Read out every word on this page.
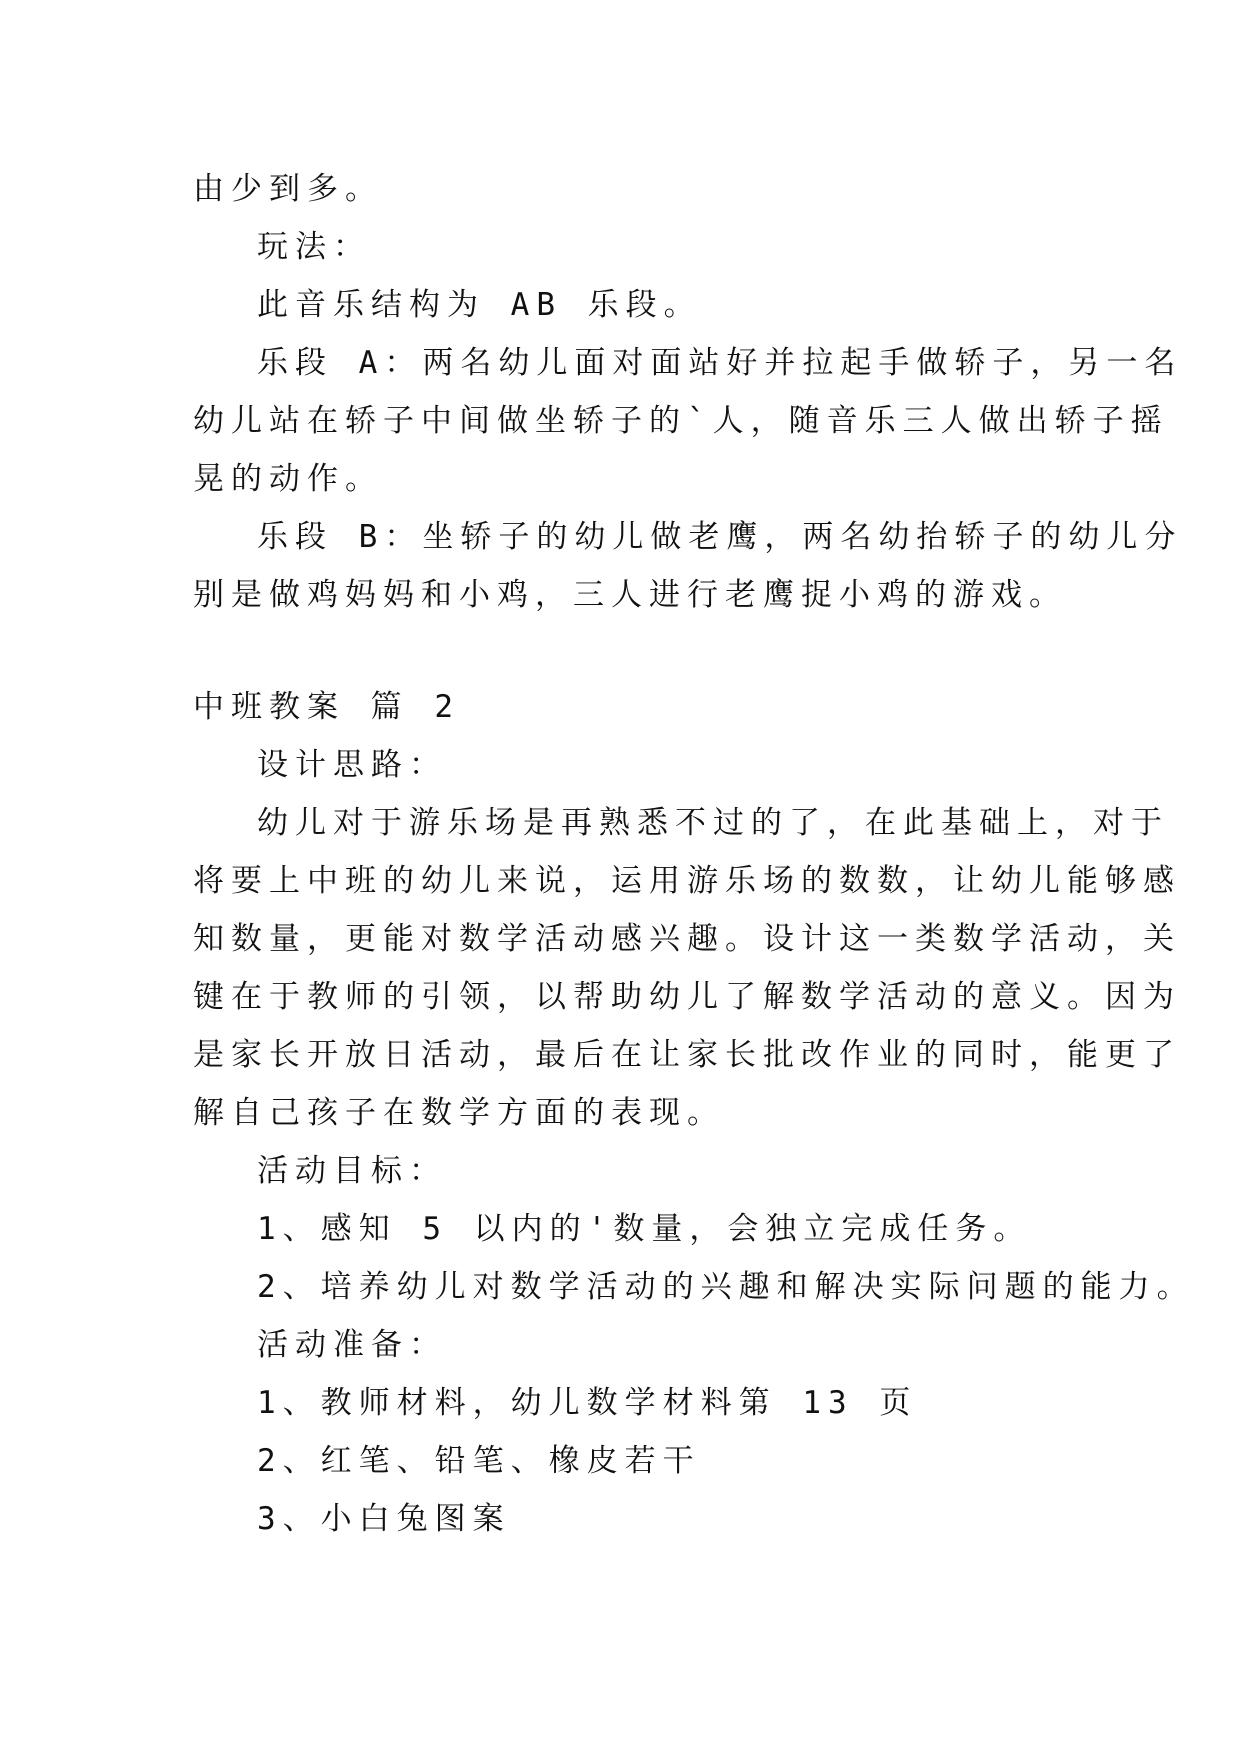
由少到多。
玩法：
此音乐结构为 AB 乐段。
乐段 A：两名幼儿面对面站好并拉起手做轿子，另一名
幼儿站在轿子中间做坐轿子的`人，随音乐三人做出轿子摇
晃的动作。
乐段 B：坐轿子的幼儿做老鹰，两名幼抬轿子的幼儿分
别是做鸡妈妈和小鸡，三人进行老鹰捉小鸡的游戏。
中班教案 篇 2
设计思路：
幼儿对于游乐场是再熟悉不过的了，在此基础上，对于
将要上中班的幼儿来说，运用游乐场的数数，让幼儿能够感
知数量，更能对数学活动感兴趣。设计这一类数学活动，关
键在于教师的引领，以帮助幼儿了解数学活动的意义。因为
是家长开放日活动，最后在让家长批改作业的同时，能更了
解自己孩子在数学方面的表现。
活动目标：
1、感知 5 以内的'数量，会独立完成任务。
2、培养幼儿对数学活动的兴趣和解决实际问题的能力。
活动准备：
1、教师材料，幼儿数学材料第 13 页
2、红笔、铅笔、橡皮若干
3、小白兔图案
